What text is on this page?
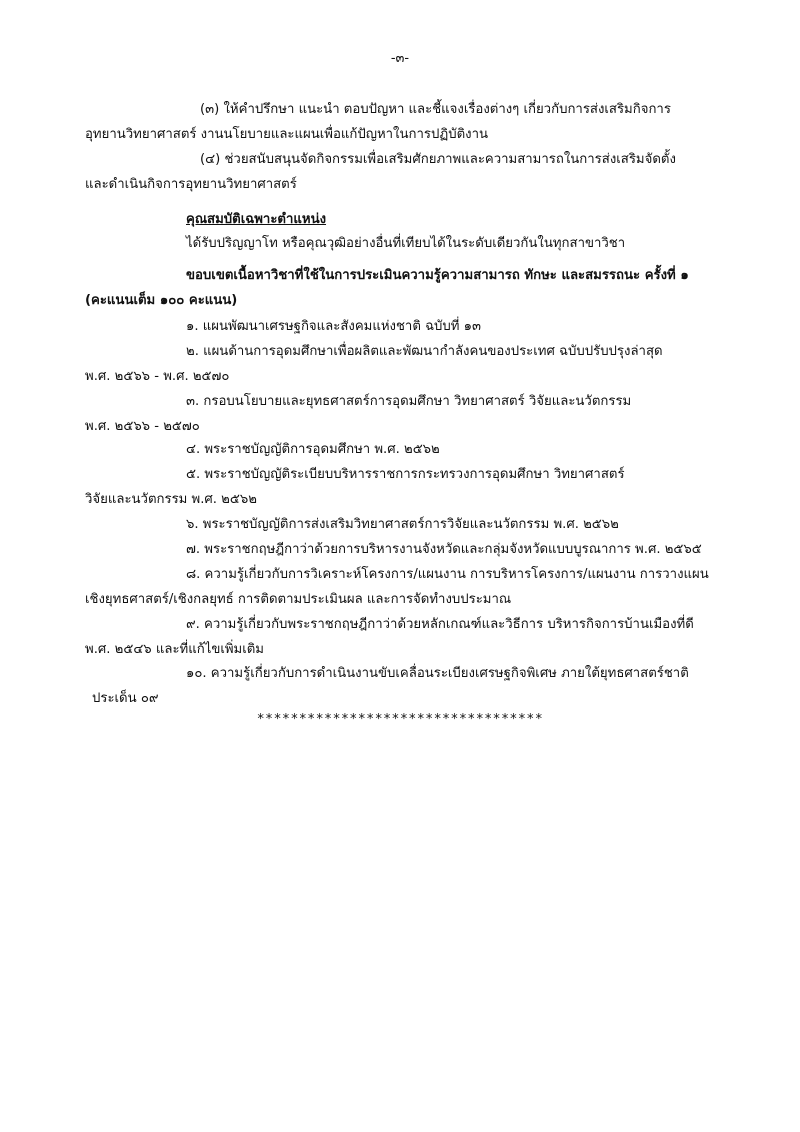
-๓-
(๓) ให้คำปรึกษา แนะนำ ตอบปัญหา และชี้แจงเรื่องต่างๆ เกี่ยวกับการส่งเสริมกิจการ
อุทยานวิทยาศาสตร์ งานนโยบายและแผนเพื่อแก้ปัญหาในการปฏิบัติงาน
(๔) ช่วยสนับสนุนจัดกิจกรรมเพื่อเสริมศักยภาพและความสามารถในการส่งเสริมจัดตั้ง
และดำเนินกิจการอุทยานวิทยาศาสตร์
คุณสมบัติเฉพาะตำแหน่ง
ได้รับปริญญาโท หรือคุณวุฒิอย่างอื่นที่เทียบได้ในระดับเดียวกันในทุกสาขาวิชา
ขอบเขตเนื้อหาวิชาที่ใช้ในการประเมินความรู้ความสามารถ ทักษะ และสมรรถนะ ครั้งที่ ๑
(คะแนนเต็ม ๑๐๐ คะแนน)
๑. แผนพัฒนาเศรษฐกิจและสังคมแห่งชาติ ฉบับที่ ๑๓
๒. แผนด้านการอุดมศึกษาเพื่อผลิตและพัฒนากำลังคนของประเทศ ฉบับปรับปรุงล่าสุด
พ.ศ. ๒๕๖๖ - พ.ศ. ๒๕๗๐
๓. กรอบนโยบายและยุทธศาสตร์การอุดมศึกษา วิทยาศาสตร์ วิจัยและนวัตกรรม
พ.ศ. ๒๕๖๖ - ๒๕๗๐
๔. พระราชบัญญัติการอุดมศึกษา พ.ศ. ๒๕๖๒
๕. พระราชบัญญัติระเบียบบริหารราชการกระทรวงการอุดมศึกษา วิทยาศาสตร์
วิจัยและนวัตกรรม พ.ศ. ๒๕๖๒
๖. พระราชบัญญัติการส่งเสริมวิทยาศาสตร์การวิจัยและนวัตกรรม พ.ศ. ๒๕๖๒
๗. พระราชกฤษฎีกาว่าด้วยการบริหารงานจังหวัดและกลุ่มจังหวัดแบบบูรณาการ พ.ศ. ๒๕๖๕
๘. ความรู้เกี่ยวกับการวิเคราะห์โครงการ/แผนงาน การบริหารโครงการ/แผนงาน การวางแผน
เชิงยุทธศาสตร์/เชิงกลยุทธ์ การติดตามประเมินผล และการจัดทำงบประมาณ
๙. ความรู้เกี่ยวกับพระราชกฤษฎีกาว่าด้วยหลักเกณฑ์และวิธีการ บริหารกิจการบ้านเมืองที่ดี
พ.ศ. ๒๕๔๖ และที่แก้ไขเพิ่มเติม
๑๐. ความรู้เกี่ยวกับการดำเนินงานขับเคลื่อนระเบียงเศรษฐกิจพิเศษ ภายใต้ยุทธศาสตร์ชาติ
ประเด็น ๐๙
**********************************
